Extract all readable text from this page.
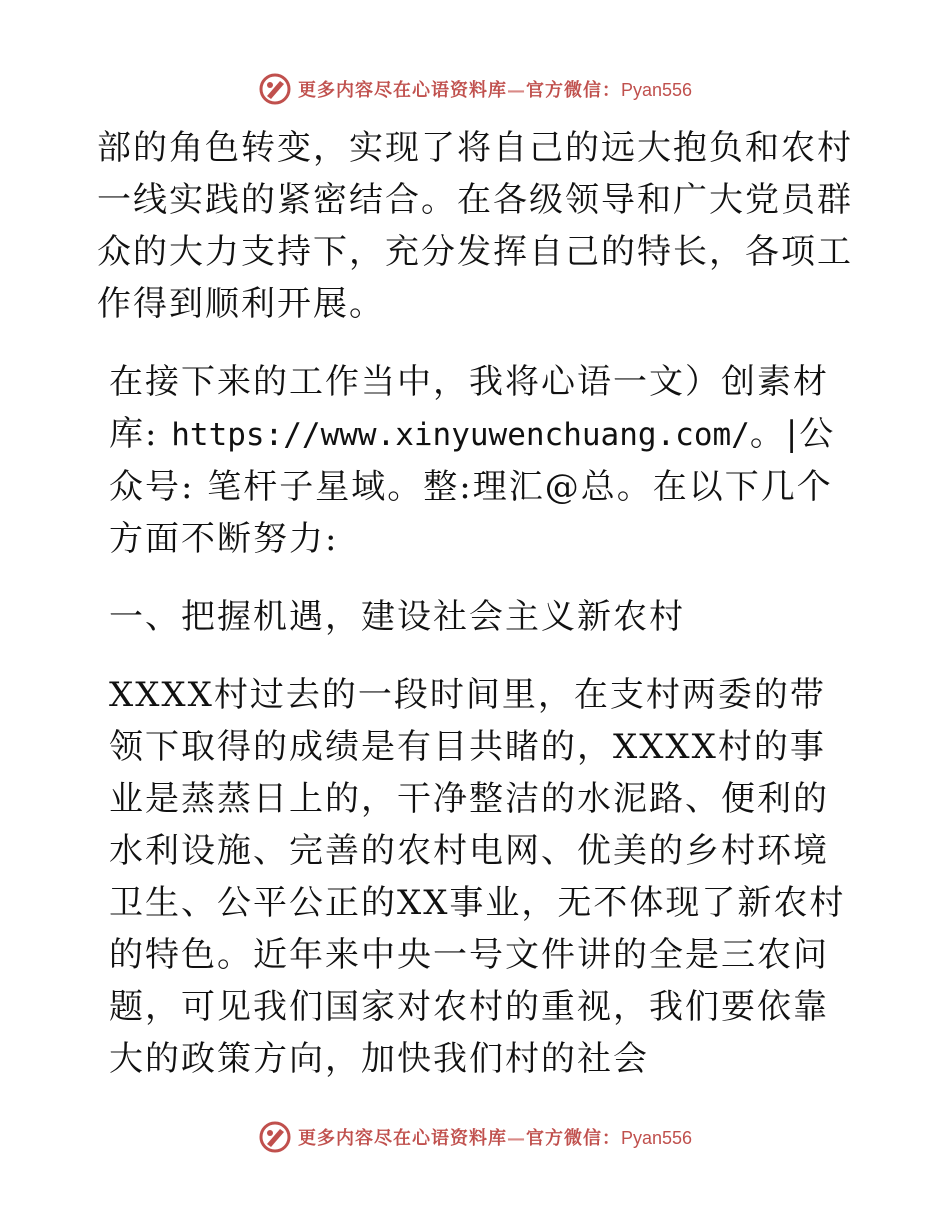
更多内容尽在心语资料库—官方微信：Pyan556

部的角色转变，实现了将自己的远大抱负和农村一线实践的紧密结合。在各级领导和广大党员群众的大力支持下，充分发挥自己的特长，各项工作得到顺利开展。

在接下来的工作当中，我将心语一文）创素材库: https://www.xinyuwenchuang.com/。|公众号: 笔杆子星域。整:理汇@总。在以下几个方面不断努力:

一、把握机遇，建设社会主义新农村

XXXX村过去的一段时间里，在支村两委的带领下取得的成绩是有目共睹的，XXXX村的事业是蒸蒸日上的，干净整洁的水泥路、便利的水利设施、完善的农村电网、优美的乡村环境卫生、公平公正的XX事业，无不体现了新农村的特色。近年来中央一号文件讲的全是三农问题，可见我们国家对农村的重视，我们要依靠大的政策方向，加快我们村的社会

更多内容尽在心语资料库—官方微信：Pyan556
